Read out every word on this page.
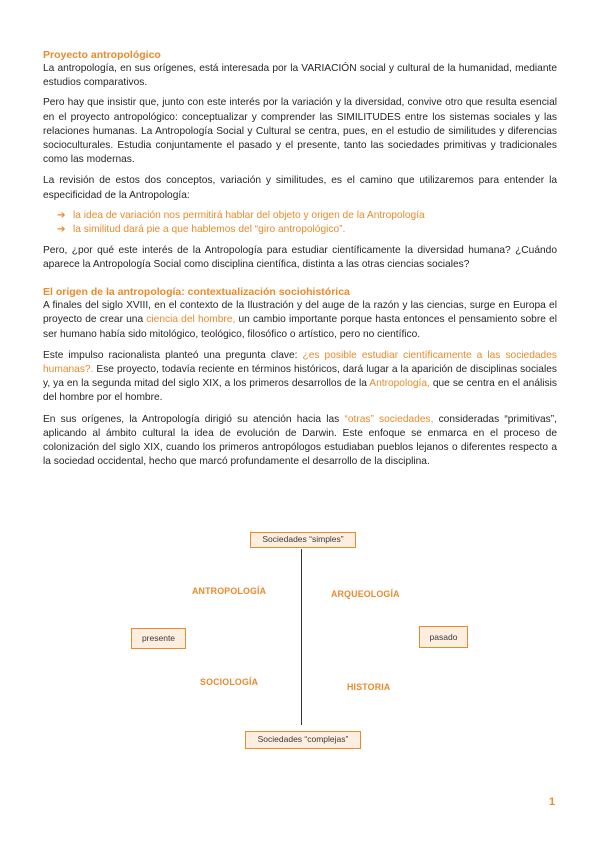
Proyecto antropológico

La antropología, en sus orígenes, está interesada por la VARIACIÓN social y cultural de la humanidad, mediante estudios comparativos.

Pero hay que insistir que, junto con este interés por la variación y la diversidad, convive otro que resulta esencial en el proyecto antropológico: conceptualizar y comprender las SIMILITUDES entre los sistemas sociales y las relaciones humanas. La Antropología Social y Cultural se centra, pues, en el estudio de similitudes y diferencias socioculturales. Estudia conjuntamente el pasado y el presente, tanto las sociedades primitivas y tradicionales como las modernas.

La revisión de estos dos conceptos, variación y similitudes, es el camino que utilizaremos para entender la especificidad de la Antropología:

➔ la idea de variación nos permitirá hablar del objeto y origen de la Antropología
➔ la similitud dará pie a que hablemos del “giro antropológico”.

Pero, ¿por qué este interés de la Antropología para estudiar científicamente la diversidad humana? ¿Cuándo aparece la Antropología Social como disciplina científica, distinta a las otras ciencias sociales?

El origen de la antropología: contextualización sociohistórica

A finales del siglo XVIII, en el contexto de la Ilustración y del auge de la razón y las ciencias, surge en Europa el proyecto de crear una ciencia del hombre, un cambio importante porque hasta entonces el pensamiento sobre el ser humano había sido mitológico, teológico, filosófico o artístico, pero no científico.

Este impulso racionalista planteó una pregunta clave: ¿es posible estudiar científicamente a las sociedades humanas?. Ese proyecto, todavía reciente en términos históricos, dará lugar a la aparición de disciplinas sociales y, ya en la segunda mitad del siglo XIX, a los primeros desarrollos de la Antropología, que se centra en el análisis del hombre por el hombre.

En sus orígenes, la Antropología dirigió su atención hacia las “otras” sociedades, consideradas “primitivas”, aplicando al ámbito cultural la idea de evolución de Darwin. Este enfoque se enmarca en el proceso de colonización del siglo XIX, cuando los primeros antropólogos estudiaban pueblos lejanos o diferentes respecto a la sociedad occidental, hecho que marcó profundamente el desarrollo de la disciplina.

Sociedades “simples”
Sociedades “complejas”
presente	pasado
ANTROPOLOGÍA	ARQUEOLOGÍA
SOCIOLOGÍA	HISTORIA
1
